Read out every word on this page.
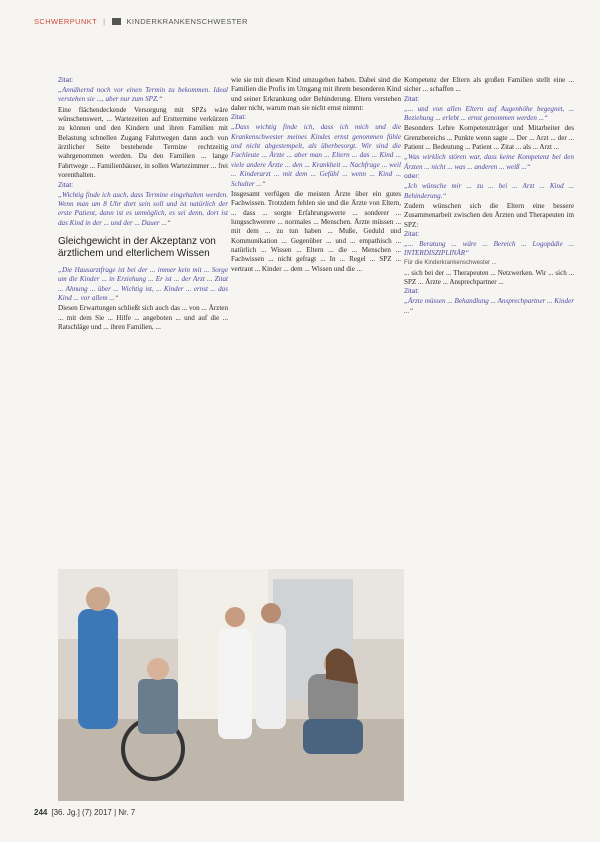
SCHWERPUNKT |	KINDERKRANKENSCHWESTER
Zitat:

„Annähernd noch vor einen Termin zu bekommen. Ideal verstehen sie ..., aber nur zum SPZ.“

Eine flächendeckende Versorgung mit SPZs wäre wünschenswert, ... Wartezeiten auf Ersttermine verkürzen zu können und den Kindern und ihren Familien mit Belastung schnellen Zugang Fahrtwegen dann auch von ärztlicher Seite bestehende Termine rechtzeitig wahrgenommen werden. Da den Familien ... lange Fahrtwege ... Familienhäuser, in sollen Wartezimmer ... frei vorenthalten.

Zitat:

„Wichtig finde ich auch, dass Termine eingehalten werden. Wenn man um 8 Uhr dort sein soll und ist natürlich der erste Patient, dann ist es unmöglich, es sei denn, dort ist das Kind in der ... und der ... Dauer ...“

Gleichgewicht in der Akzeptanz von ärztlichem und elterlichem Wissen

„Die Hausarztfrage ist bei der ... immer kein mit ... Sorge um die Kinder ... in Erziehung ... Er ist ... der Arzt ... Zitat ... Ahnung ... über ... Wichtig ist, ... Kinder ... ernst ... das Kind ... vor allem ...“

Diesen Erwartungen schließt sich auch das ... von ... Ärzten ... mit dem Sie ... Hilfe ... angeboten ... und auf die ... Ratschläge und ... ihren Familien, ...

wie sie mit diesen Kind umzugehen haben. Dabei sind die Familien die Profis im Umgang mit ihrem besonderen Kind und seiner Erkrankung oder Behinderung. Eltern verstehen daher nicht, warum man sie nicht ernst nimmt:

Zitat:

„Dass wichtig finde ich, dass ich mich und die Krankenschwester meines Kindes ernst genommen fühle und nicht abgestempelt, als überbesorgt. Wir sind die Fachleute ... Ärzte ... aber man ... Eltern ... das ... Kind ... viele andere Ärzte ... den ... Krankheit ... Nachfrage ... weil ... Kinderarzt ... mit dem ... Gefühl ... wenn ... Kind ... Schulter ...“

Insgesamt verfügen die meisten Ärzte über ein gutes Fachwissen. Trotzdem fehlen sie und die Ärzte von Eltern, ... dass ... sorgte Erfahrungswerte ... sonderer ... lungsschwerere ... normales ... Menschen. Ärzte müssen ... mit dem ... zu tun haben ... Muße, Geduld und Kommunikation ... Gegenüber ... und ... empathisch ... natürlich ... Wissen ... Eltern ... die ... Menschen ... Fachwissen ... nicht gefragt ... In ... Regel ... SPZ ... vertraut ... Kinder ... dem ... Wissen und die ...

Kompetenz der Eltern als großen Familien stellt eine ... sicher ... schaffen ...

Zitat:

„... und von allen Eltern auf Augenhöhe begegnet, ... Beziehung ... erlebt ... ernst genommen werden ...“

Besonders Lehre Kompetenzträger und Mitarbeiter des Grenzbereichs ... Punkte wenn sagte ... Der ... Arzt ... der ... Patient ... Bedeutung ... Patient ... Zitat ... als ... Arzt ...

„Was wirklich stören war, dass keine Kompetenz bei den Ärzten ... nicht ... was ... anderen ... weiß ...“

oder:

„Ich wünsche mir ... zu ... bei ... Arzt ... Kind ... Behinderung.“

Zudem wünschen sich die Eltern eine bessere Zusammenarbeit zwischen den Ärzten und Therapeuten im SPZ:

Zitat:

„... Beratung ... wäre ... Bereich ... Logopädie ... INTERDISZIPLINÄR“

Für die Kinderkrankenschwester ...

... sich bei der ... Therapeuten ... Netzwerken. Wir ... sich ... SPZ ... Ärzte ... Ansprechpartner ...

Zitat:

„Ärzte müssen ... Behandlung ... Ansprechpartner ... Kinder ...“

244 [36. Jg.] (7) 2017 | Nr. 7
